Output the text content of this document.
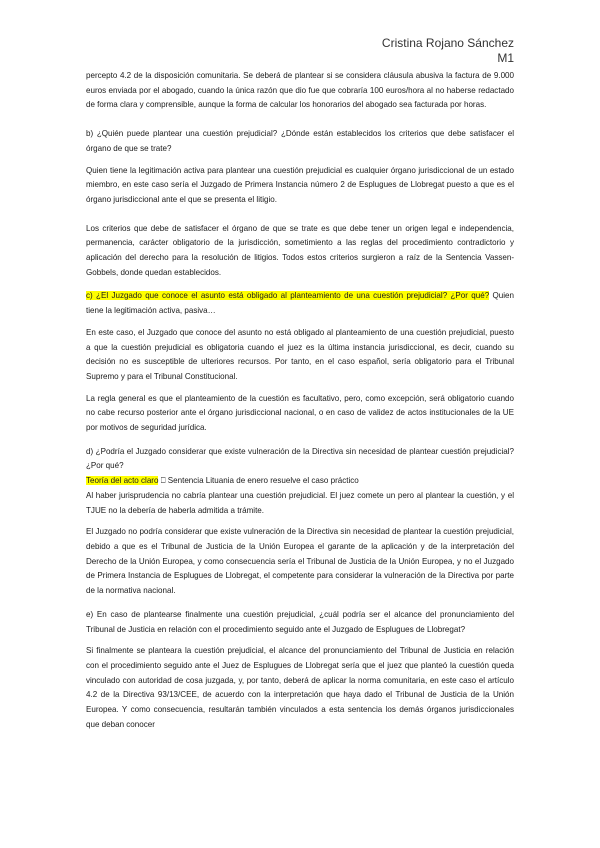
Cristina Rojano Sánchez
M1

percepto 4.2 de la disposición comunitaria. Se deberá de plantear si se considera cláusula abusiva la factura de 9.000 euros enviada por el abogado, cuando la única razón que dio fue que cobraría 100 euros/hora al no haberse redactado de forma clara y comprensible, aunque la forma de calcular los honorarios del abogado sea facturada por horas.

b) ¿Quién puede plantear una cuestión prejudicial? ¿Dónde están establecidos los criterios que debe satisfacer el órgano de que se trate?

Quien tiene la legitimación activa para plantear una cuestión prejudicial es cualquier órgano jurisdiccional de un estado miembro, en este caso sería el Juzgado de Primera Instancia número 2 de Esplugues de Llobregat puesto a que es el órgano jurisdiccional ante el que se presenta el litigio.

Los criterios que debe de satisfacer el órgano de que se trate es que debe tener un origen legal e independencia, permanencia, carácter obligatorio de la jurisdicción, sometimiento a las reglas del procedimiento contradictorio y aplicación del derecho para la resolución de litigios. Todos estos criterios surgieron a raíz de la Sentencia Vassen-Gobbels, donde quedan establecidos.

c) ¿El Juzgado que conoce el asunto está obligado al planteamiento de una cuestión prejudicial? ¿Por qué? Quien tiene la legitimación activa, pasiva…

En este caso, el Juzgado que conoce del asunto no está obligado al planteamiento de una cuestión prejudicial, puesto a que la cuestión prejudicial es obligatoria cuando el juez es la última instancia jurisdiccional, es decir, cuando su decisión no es susceptible de ulteriores recursos. Por tanto, en el caso español, sería obligatorio para el Tribunal Supremo y para el Tribunal Constitucional.

La regla general es que el planteamiento de la cuestión es facultativo, pero, como excepción, será obligatorio cuando no cabe recurso posterior ante el órgano jurisdiccional nacional, o en caso de validez de actos institucionales de la UE por motivos de seguridad jurídica.

d) ¿Podría el Juzgado considerar que existe vulneración de la Directiva sin necesidad de plantear cuestión prejudicial? ¿Por qué?

Teoría del acto claro ⎕ Sentencia Lituania de enero resuelve el caso práctico

Al haber jurisprudencia no cabría plantear una cuestión prejudicial. El juez comete un pero al plantear la cuestión, y el TJUE no la debería de haberla admitida a trámite.

El Juzgado no podría considerar que existe vulneración de la Directiva sin necesidad de plantear la cuestión prejudicial, debido a que es el Tribunal de Justicia de la Unión Europea el garante de la aplicación y de la interpretación del Derecho de la Unión Europea, y como consecuencia sería el Tribunal de Justicia de la Unión Europea, y no el Juzgado de Primera Instancia de Esplugues de Llobregat, el competente para considerar la vulneración de la Directiva por parte de la normativa nacional.

e) En caso de plantearse finalmente una cuestión prejudicial, ¿cuál podría ser el alcance del pronunciamiento del Tribunal de Justicia en relación con el procedimiento seguido ante el Juzgado de Esplugues de Llobregat?

Si finalmente se planteara la cuestión prejudicial, el alcance del pronunciamiento del Tribunal de Justicia en relación con el procedimiento seguido ante el Juez de Esplugues de Llobregat sería que el juez que planteó la cuestión queda vinculado con autoridad de cosa juzgada, y, por tanto, deberá de aplicar la norma comunitaria, en este caso el artículo 4.2 de la Directiva 93/13/CEE, de acuerdo con la interpretación que haya dado el Tribunal de Justicia de la Unión Europea. Y como consecuencia, resultarán también vinculados a esta sentencia los demás órganos jurisdiccionales que deban conocer
